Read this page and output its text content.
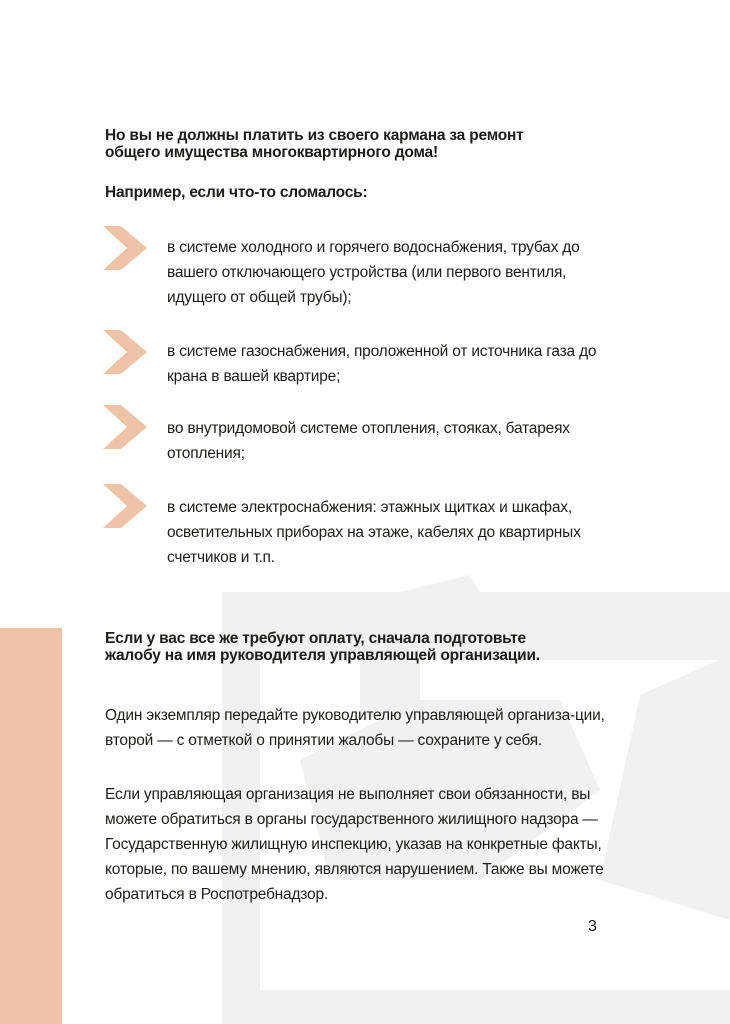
Но вы не должны платить из своего кармана за ремонт общего имущества многоквартирного дома!

Например, если что-то сломалось:

в системе холодного и горячего водоснабжения, трубах до вашего отключающего устройства (или первого вентиля, идущего от общей трубы);

в системе газоснабжения, проложенной от источника газа до крана в вашей квартире;

во внутридомовой системе отопления, стояках, батареях отопления;

в системе электроснабжения: этажных щитках и шкафах, осветительных приборах на этаже, кабелях до квартирных счетчиков и т.п.

Если у вас все же требуют оплату, сначала подготовьте жалобу на имя руководителя управляющей организации.

Один экземпляр передайте руководителю управляющей организа-ции, второй — с отметкой о принятии жалобы — сохраните у себя.

Если управляющая организация не выполняет свои обязанности, вы можете обратиться в органы государственного жилищного надзора — Государственную жилищную инспекцию, указав на конкретные факты, которые, по вашему мнению, являются нарушением. Также вы можете обратиться в Роспотребнадзор.

3
